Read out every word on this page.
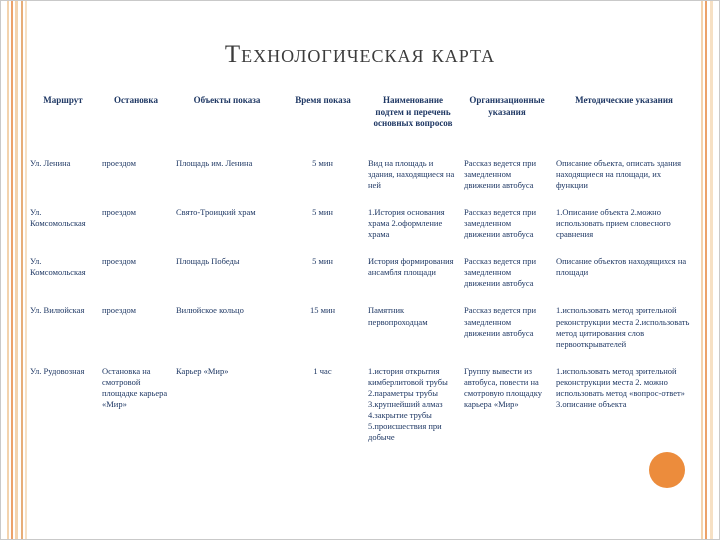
Технологическая карта
Маршрут	Остановка	Объекты показа	Время показа	Наименование подтем и перечень основных вопросов	Организационные указания	Методические указания
Ул. Ленина	проездом	Площадь им. Ленина	5 мин	Вид на площадь и здания, находящиеся на ней	Рассказ ведется при замедленном движении автобуса	Описание объекта, описать здания находящиеся на площади, их функции
Ул. Комсомольская	проездом	Свято-Троицкий храм	5 мин	1.История основания храма 2.оформление храма	Рассказ ведется при замедленном движении автобуса	1.Описание объекта 2.можно использовать прием словесного сравнения
Ул. Комсомольская	проездом	Площадь Победы	5 мин	История формирования ансамбля площади	Рассказ ведется при замедленном движении автобуса	Описание объектов находящихся на площади
Ул. Вилюйская	проездом	Вилюйское кольцо	15 мин	Памятник первопроходцам	Рассказ ведется при замедленном движении автобуса	1.использовать метод зрительной реконструкции места 2.использовать метод цитирования слов первооткрывателей
Ул. Рудовозная	Остановка на смотровой площадке карьера «Мир»	Карьер «Мир»	1 час	1.история открытия кимберлитовой трубы 2.параметры трубы 3.крупнейший алмаз 4.закрытие трубы 5.происшествия при добыче	Группу вывести из автобуса, повести на смотровую площадку карьера «Мир»	1.использовать метод зрительной реконструкции места 2. можно использовать метод «вопрос-ответ» 3.описание объекта
